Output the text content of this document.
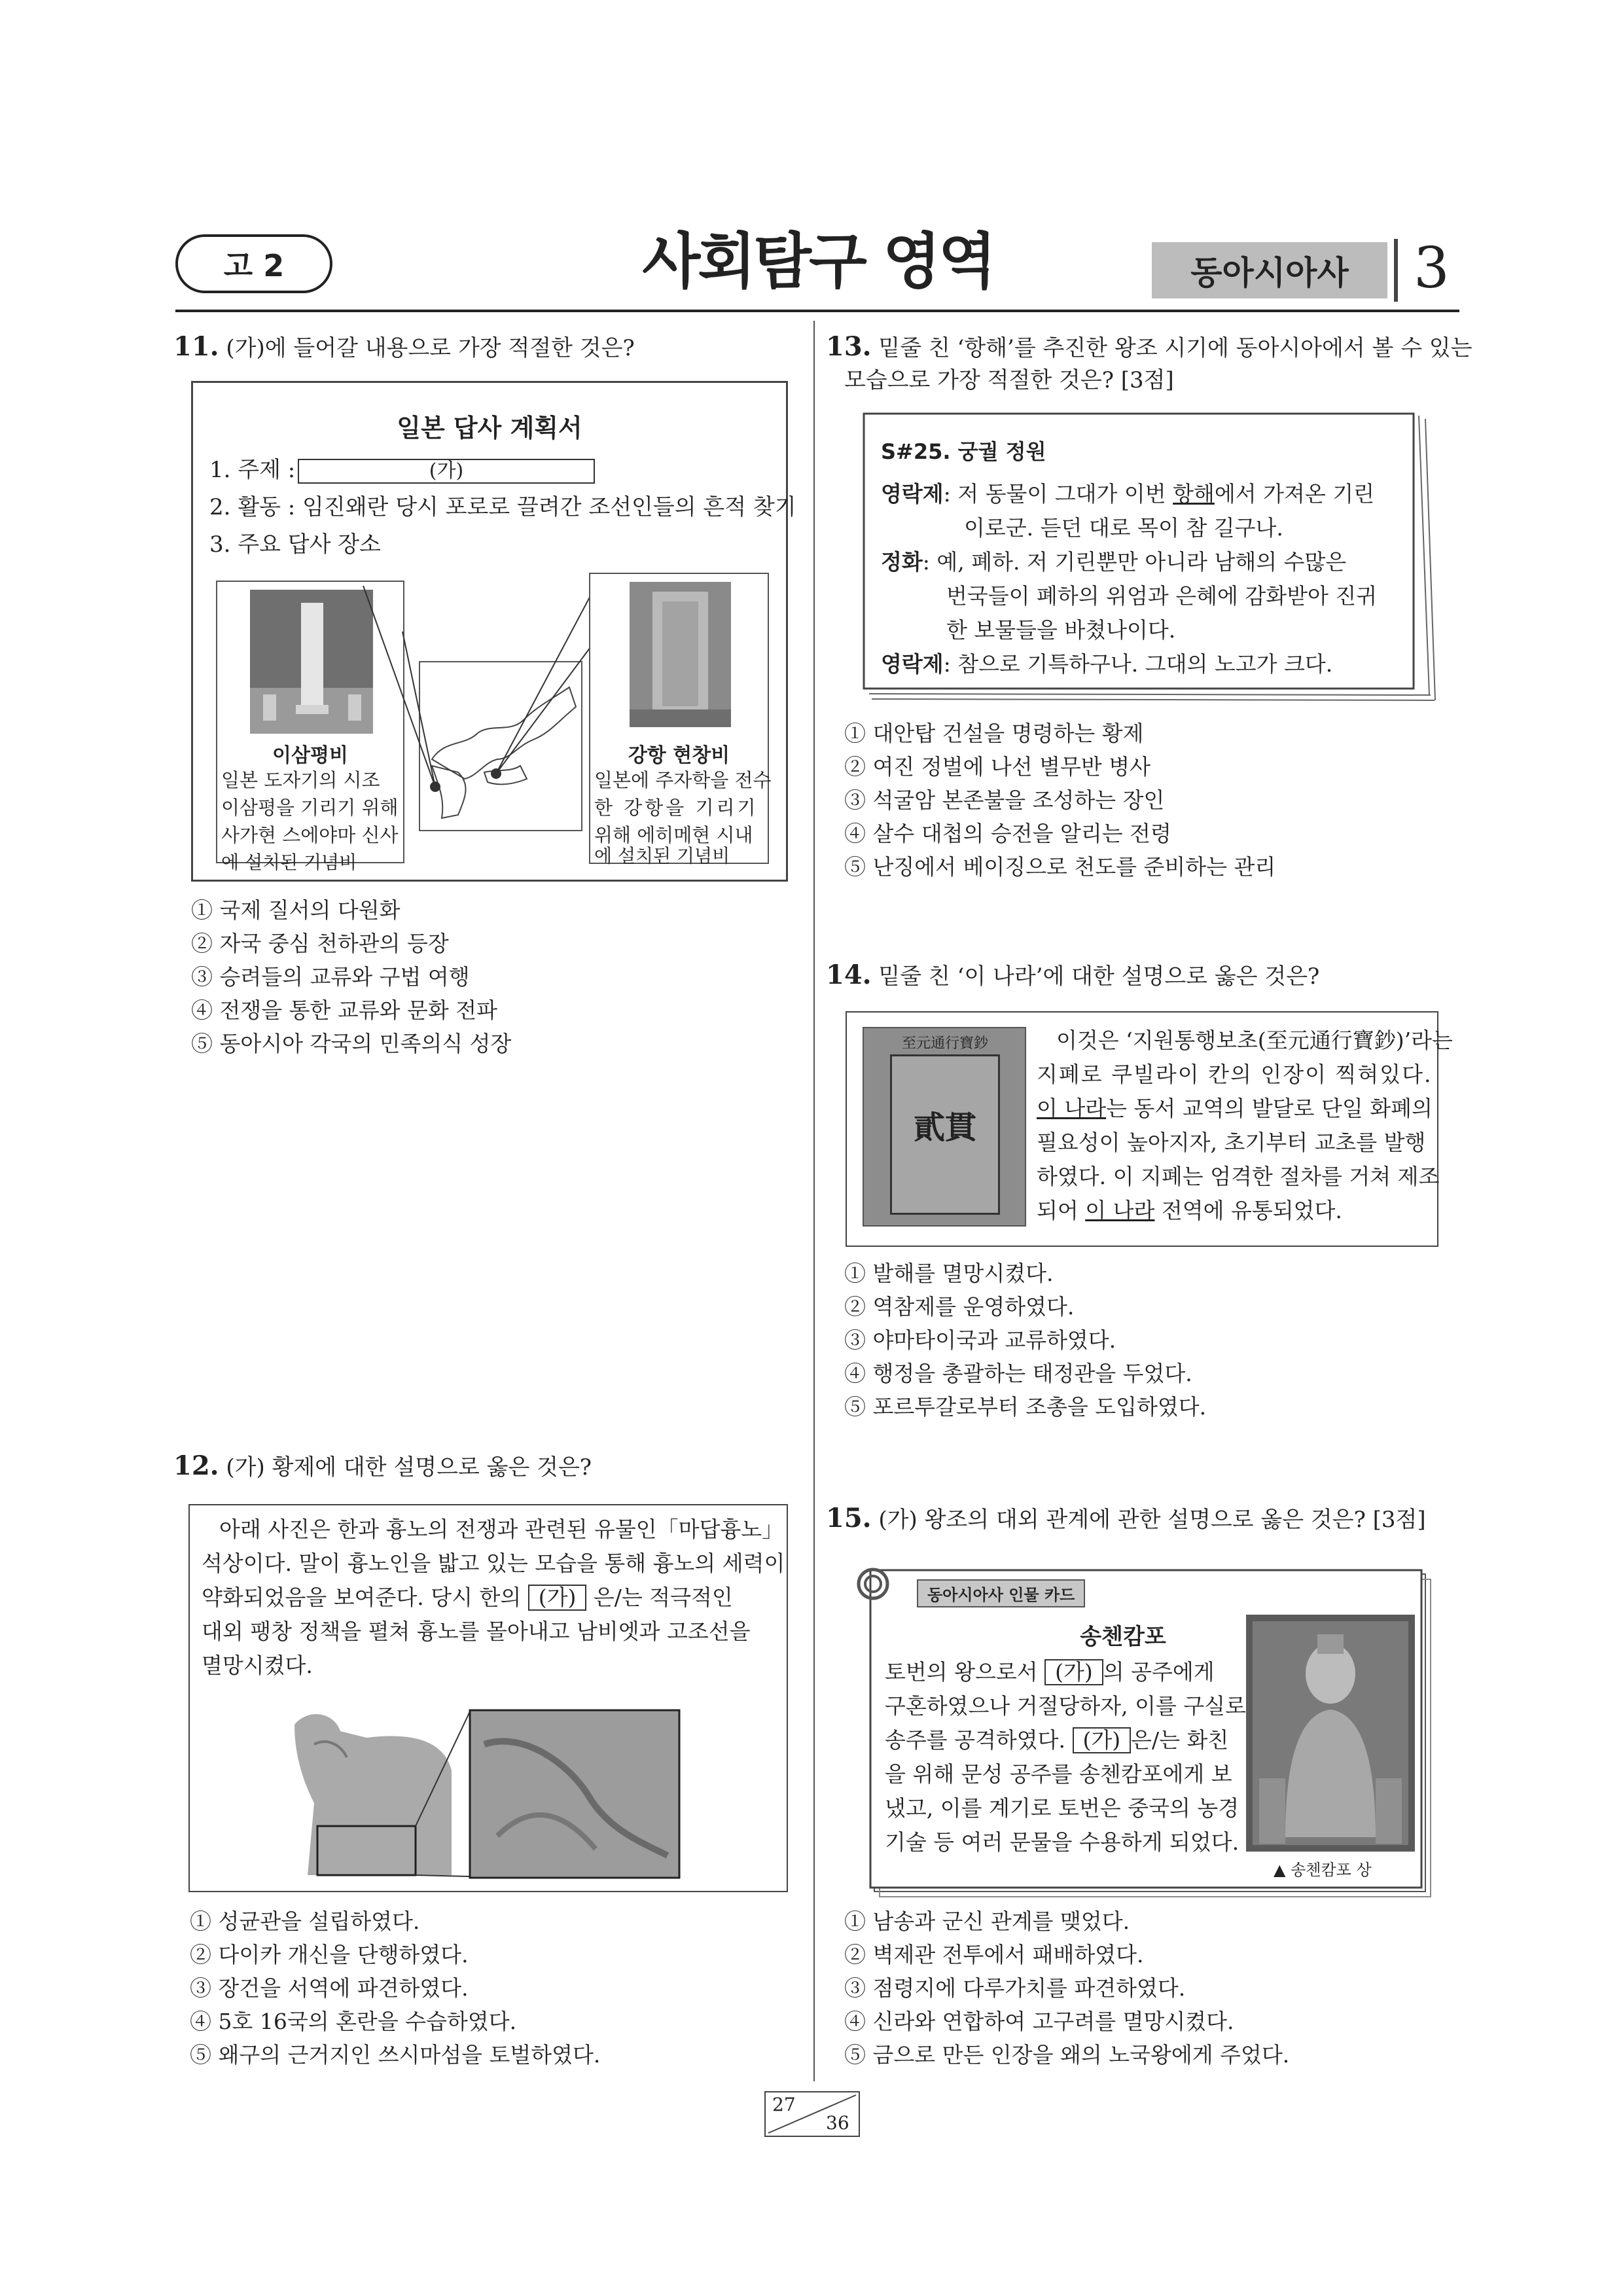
고 2	사회탐구 영역	동아시아사	3
11. (가)에 들어갈 내용으로 가장 적절한 것은?
일본 답사 계획서
1. 주제 :	(가)
2. 활동 : 임진왜란 당시 포로로 끌려간 조선인들의 흔적 찾기
3. 주요 답사 장소
이삼평비
일본 도자기의 시조
이삼평을 기리기 위해
사가현 스에야마 신사
에 설치된 기념비
강항 현창비
일본에 주자학을 전수
한 강항을 기리기
위해 에히메현 시내
에 설치된 기념비
① 국제 질서의 다원화
② 자국 중심 천하관의 등장
③ 승려들의 교류와 구법 여행
④ 전쟁을 통한 교류와 문화 전파
⑤ 동아시아 각국의 민족의식 성장
12. (가) 황제에 대한 설명으로 옳은 것은?
아래 사진은 한과 흉노의 전쟁과 관련된 유물인「마답흉노」
석상이다. 말이 흉노인을 밟고 있는 모습을 통해 흉노의 세력이
약화되었음을 보여준다. 당시 한의 (가) 은/는 적극적인
대외 팽창 정책을 펼쳐 흉노를 몰아내고 남비엣과 고조선을
멸망시켰다.
① 성균관을 설립하였다.
② 다이카 개신을 단행하였다.
③ 장건을 서역에 파견하였다.
④ 5호 16국의 혼란을 수습하였다.
⑤ 왜구의 근거지인 쓰시마섬을 토벌하였다.
13. 밑줄 친 ‘항해’를 추진한 왕조 시기에 동아시아에서 볼 수 있는
모습으로 가장 적절한 것은? [3점]
S#25. 궁궐 정원
영락제: 저 동물이 그대가 이번 항해에서 가져온 기린
이로군. 듣던 대로 목이 참 길구나.
정화: 예, 폐하. 저 기린뿐만 아니라 남해의 수많은
번국들이 폐하의 위엄과 은혜에 감화받아 진귀
한 보물들을 바쳤나이다.
영락제: 참으로 기특하구나. 그대의 노고가 크다.
① 대안탑 건설을 명령하는 황제
② 여진 정벌에 나선 별무반 병사
③ 석굴암 본존불을 조성하는 장인
④ 살수 대첩의 승전을 알리는 전령
⑤ 난징에서 베이징으로 천도를 준비하는 관리
14. 밑줄 친 ‘이 나라’에 대한 설명으로 옳은 것은?
至元通行寶鈔
貳貫
이것은 ‘지원통행보초(至元通行寶鈔)’라는
지폐로 쿠빌라이 칸의 인장이 찍혀있다.
이 나라는 동서 교역의 발달로 단일 화폐의
필요성이 높아지자, 초기부터 교초를 발행
하였다. 이 지폐는 엄격한 절차를 거쳐 제조
되어 이 나라 전역에 유통되었다.
① 발해를 멸망시켰다.
② 역참제를 운영하였다.
③ 야마타이국과 교류하였다.
④ 행정을 총괄하는 태정관을 두었다.
⑤ 포르투갈로부터 조총을 도입하였다.
15. (가) 왕조의 대외 관계에 관한 설명으로 옳은 것은? [3점]
동아시아사 인물 카드
송첸캄포
토번의 왕으로서 (가) 의 공주에게
구혼하였으나 거절당하자, 이를 구실로
송주를 공격하였다. (가) 은/는 화친
을 위해 문성 공주를 송첸캄포에게 보
냈고, 이를 계기로 토번은 중국의 농경
기술 등 여러 문물을 수용하게 되었다.
▲ 송첸캄포 상
① 남송과 군신 관계를 맺었다.
② 벽제관 전투에서 패배하였다.
③ 점령지에 다루가치를 파견하였다.
④ 신라와 연합하여 고구려를 멸망시켰다.
⑤ 금으로 만든 인장을 왜의 노국왕에게 주었다.
27
36
